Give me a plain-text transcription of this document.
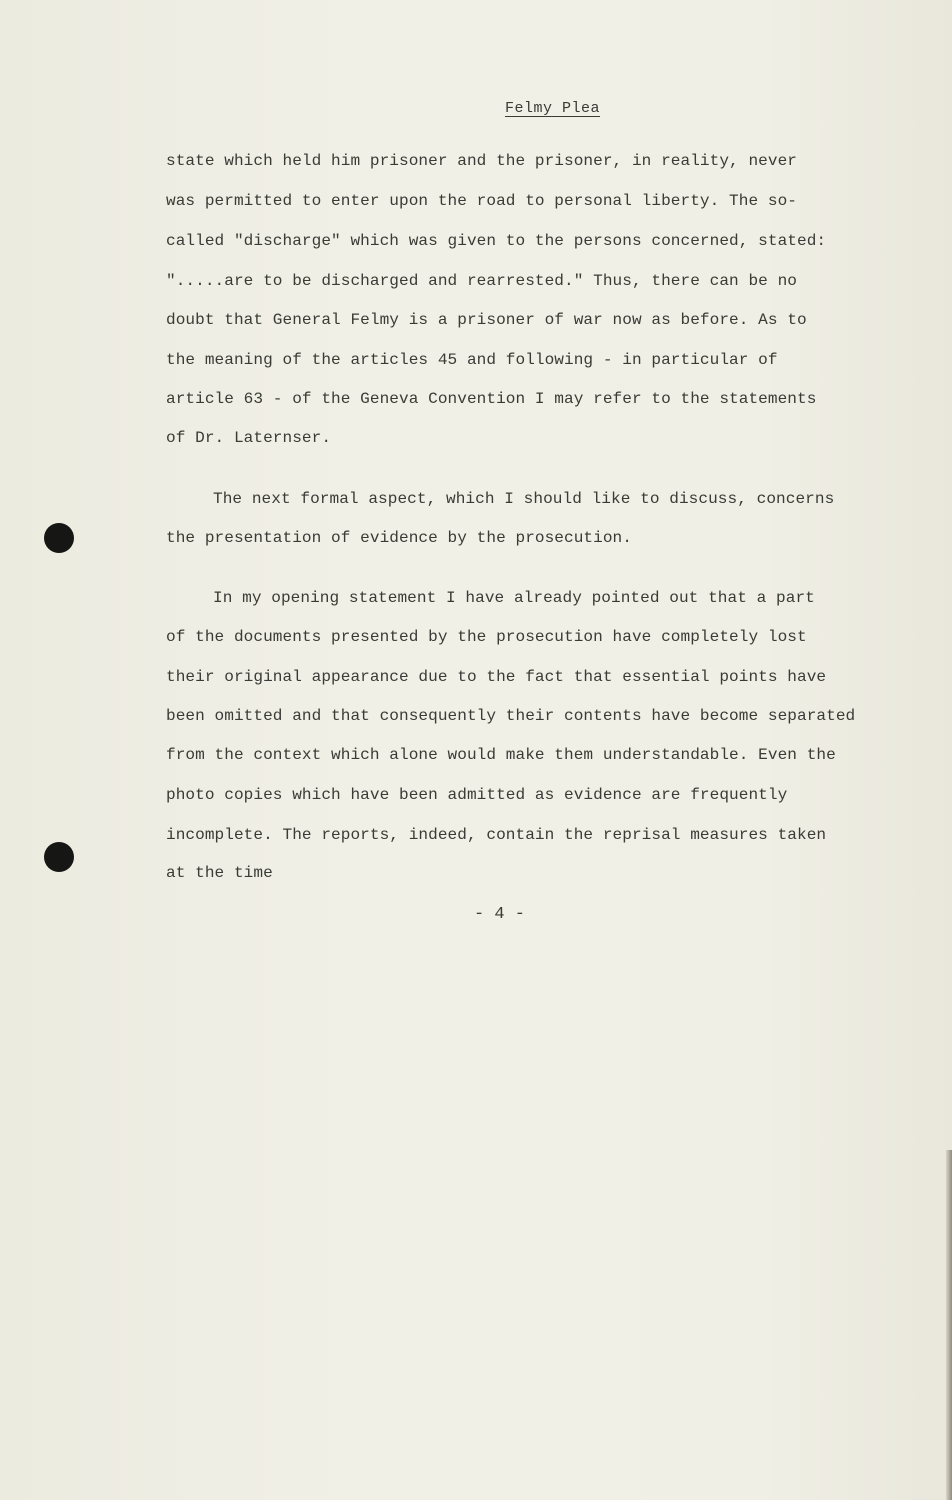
Felmy Plea
state which held him prisoner and the prisoner, in reality, never
was permitted to enter upon the road to personal liberty. The so-
called "discharge" which was given to the persons concerned, stated:
".....are to be discharged and rearrested." Thus, there can be no
doubt that General Felmy is a prisoner of war now as before. As to
the meaning of the articles 45 and following - in particular of
article 63 - of the Geneva Convention I may refer to the statements
of Dr. Laternser.
The next formal aspect, which I should like to discuss, concerns
the presentation of evidence by the prosecution.
In my opening statement I have already pointed out that a part
of the documents presented by the prosecution have completely lost
their original appearance due to the fact that essential points have
been omitted and that consequently their contents have become separated
from the context which alone would make them understandable. Even the
photo copies which have been admitted as evidence are frequently
incomplete. The reports, indeed, contain the reprisal measures taken
at the time
- 4 -
